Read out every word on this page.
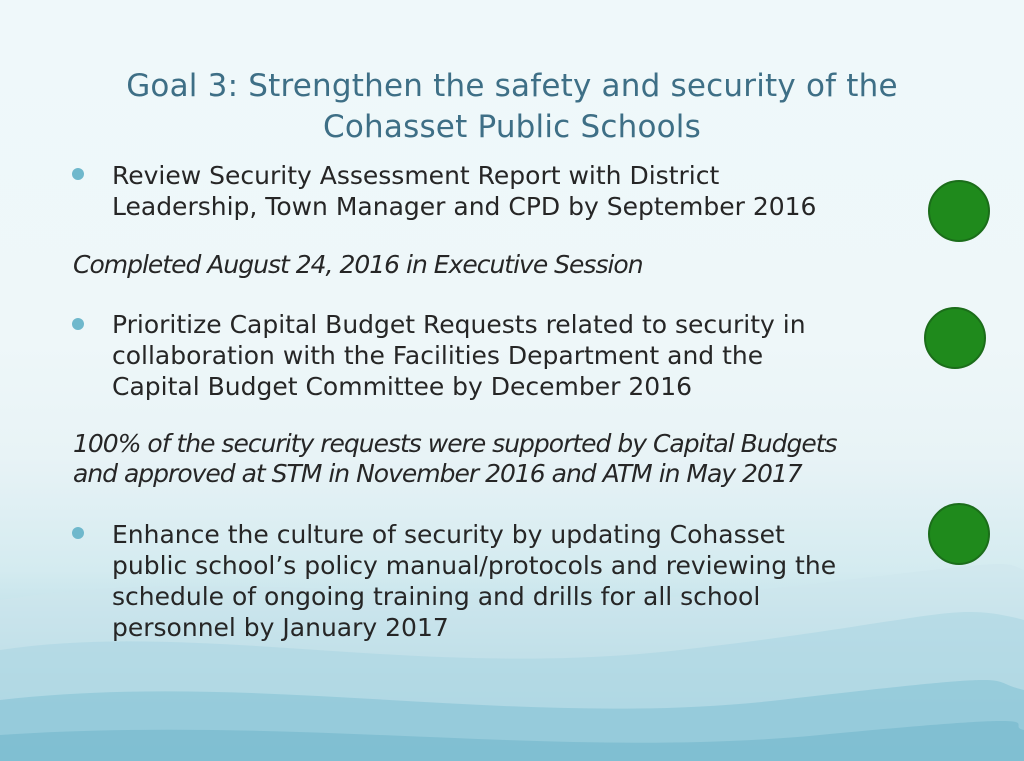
Goal 3: Strengthen the safety and security of the
Cohasset Public Schools
Review Security Assessment Report with District
Leadership, Town Manager and CPD by September 2016
Completed August 24, 2016 in Executive Session
Prioritize Capital Budget Requests related to security in
collaboration with the Facilities Department and the
Capital Budget Committee by December 2016
100% of the security requests were supported by Capital Budgets
and approved at STM in November 2016 and ATM in May 2017
Enhance the culture of security by updating Cohasset
public school’s policy manual/protocols and reviewing the
schedule of ongoing training and drills for all school
personnel by January 2017
